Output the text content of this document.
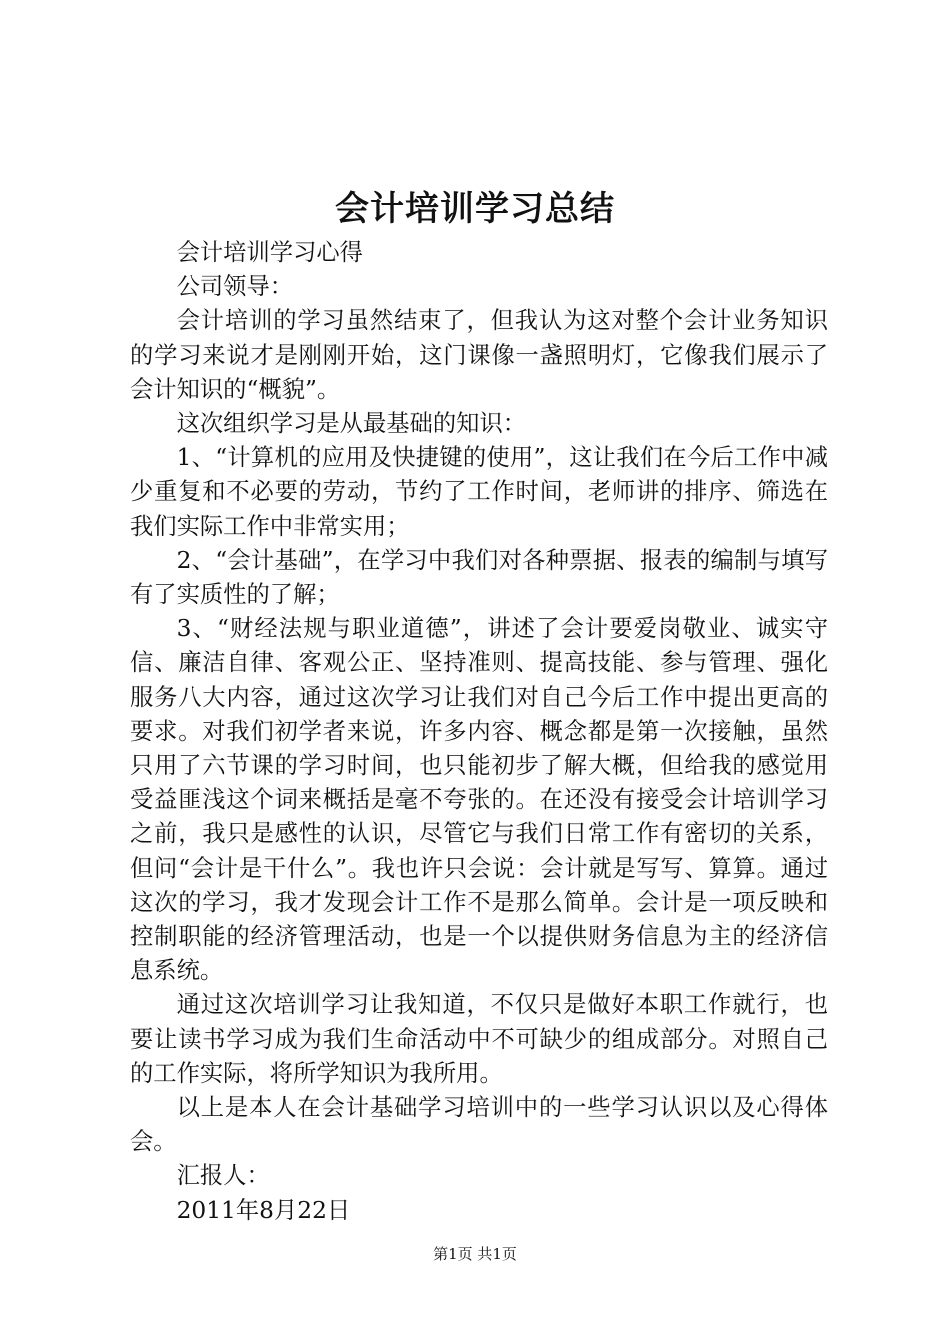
会计培训学习总结

会计培训学习心得

公司领导：

会计培训的学习虽然结束了，但我认为这对整个会计业务知识的学习来说才是刚刚开始，这门课像一盏照明灯，它像我们展示了会计知识的“概貌”。

这次组织学习是从最基础的知识：

1、“计算机的应用及快捷键的使用”，这让我们在今后工作中减少重复和不必要的劳动，节约了工作时间，老师讲的排序、筛选在我们实际工作中非常实用；

2、“会计基础”，在学习中我们对各种票据、报表的编制与填写有了实质性的了解；

3、“财经法规与职业道德”，讲述了会计要爱岗敬业、诚实守信、廉洁自律、客观公正、坚持准则、提高技能、参与管理、强化服务八大内容，通过这次学习让我们对自己今后工作中提出更高的要求。对我们初学者来说，许多内容、概念都是第一次接触，虽然只用了六节课的学习时间，也只能初步了解大概，但给我的感觉用受益匪浅这个词来概括是毫不夸张的。在还没有接受会计培训学习之前，我只是感性的认识，尽管它与我们日常工作有密切的关系，但问“会计是干什么”。我也许只会说：会计就是写写、算算。通过这次的学习，我才发现会计工作不是那么简单。会计是一项反映和控制职能的经济管理活动，也是一个以提供财务信息为主的经济信息系统。

通过这次培训学习让我知道，不仅只是做好本职工作就行，也要让读书学习成为我们生命活动中不可缺少的组成部分。对照自己的工作实际，将所学知识为我所用。

以上是本人在会计基础学习培训中的一些学习认识以及心得体会。

汇报人：

2011年8月22日

第1页 共1页
